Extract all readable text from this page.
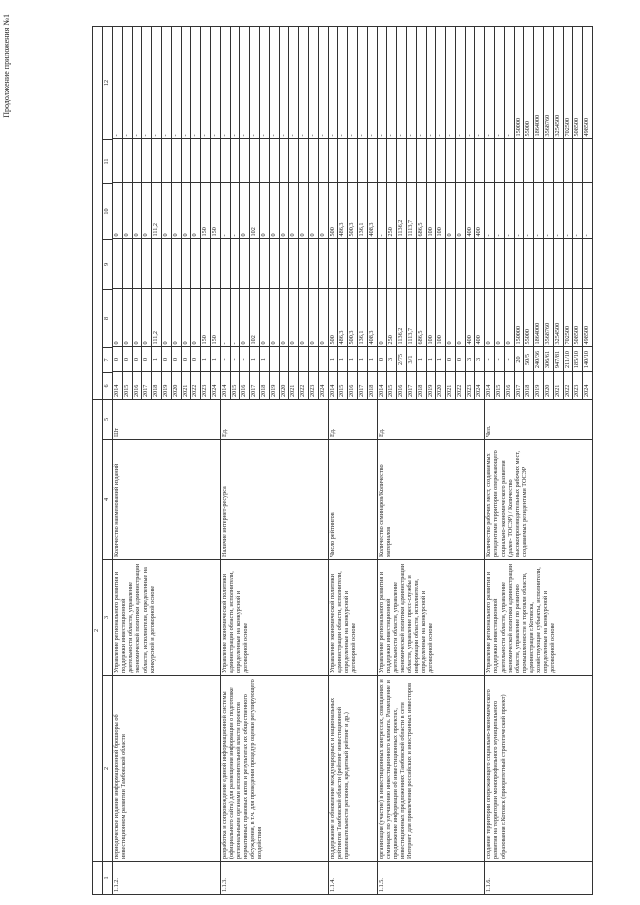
Продолжение приложения №1
	2	
1	2	3	4	5	6	7	8	9	10	11	12
1.1.2.	периодическое издание информационной брошюры об инвестиционном развитии Тамбовской области	Управление регионального развития и поддержки инвестиционной деятельности области, управление экономической политики администрации области, исполнители, определенные на конкурсной и договорной основе	Количество наименований изданий	Шт	
2014	0	0		0		-
2015	0	0		0		-
2016	0	0		0		-
2017	0	0		0		-
2018	1	111,2		111,2		-
2019	0	0		0		-
2020	0	0		0		-
2021	0	0		0		-
2022	0	0		0		-
2023	1	150		150		-
2024	1	150		150		-

1.1.3.	разработка и сопровождение единой информационной системы (официального сайта) для размещения информации о подготовке региональными органами исполнительной власти проектов нормативных правовых актов и результатах их общественного обсуждения, в т.ч. для проведения процедур оценки регулирующего воздействия	Управление экономической политики администрации области, исполнители, определенные на конкурсной и договорной основе	Наличие интернет-ресурса	Ед.	
2014	-	-		-		-
2015	-	-		-		-
2016	-	0		0		-
2017	1	102		102		-
2018	1	0		0		-
2019		0		0		-
2020		0		0		-
2021		0		0		-
2022		0		0		-
2023		0		0		-
2024		0		0		-

1.1.4.	поддержание и обновление международных и национальных рейтингов Тамбовской области (рейтинг инвестиционной привлекательности регионов, кредитный рейтинг и др.)	Управление экономической политики администрации области, исполнители, определенные на конкурсной и договорной основе	Число рейтингов	Ед.	
2014	1	500		500		-
2015	1	486,3		486,3		-
2016	1	500,3		500,3		-
2017	1	136,1		136,1		-
2018	1	408,3		408,3		-

1.1.5.	организация (участие) в инвестиционных конгрессах, совещаниях и семинарах по улучшению инвестиционного климата. Размещение и продвижение информации об инвестиционных проектах, инвестиционных предложениях Тамбовской области в сети Интернет для привлечения российских и иностранных инвесторов	Управление регионального развития и поддержки инвестиционной деятельности области, управление экономической политики администрации области, управление пресс-службы и информации области, исполнители, определенные на конкурсной и договорной основе	Количество семинаров/Количество материалов	Ед.	
2014	0	0		-		-
2015	3	250		250		-
2016	2/75	1136,2		1136,2		-
2017	3/1	1113,7		1113,7		-
2018	1	686,5		686,5		-
2019	1	100		100		-
2020	1	100		100		-
2021	0	0		0		-
2022	0	0		0		-
2023	3	400		400		-
2024	3	400		400		-

1.1.6.	создание территории опережающего социально-экономического развития на территории монопрофильного муниципального образования г.Котовск (приоритетный стратегический проект)	Управление регионального развития и поддержки инвестиционной деятельности области, управление экономической политики администрации области, управление по развитию промышленности и торговли области, администрация г.Котовска, хозяйствующие субъекты, исполнители, определенные на конкурсной и договорной основе	Количество рабочих мест, создаваемых резидентами территории опережающего социально-экономического развития (далее- ТОСЭР) / Количество высокопроизводительных рабочих мест, создаваемых резидентами ТОСЭР	Чел.	
2014	-	0		-		-
2015	-	0		-		-
2016	-	0		-		-
2017	20	150000		-		150000
2018	50/5	55000		-		55000
2019	240/36	1864000		-		1864000
2020	306/61	3568760		-		3568760
2021	947/81	3254500		-		3254500
2022	211/10	702500		-		702500
2023	185/10	508500		-		508500
2024	140/10	498500		-		498500
